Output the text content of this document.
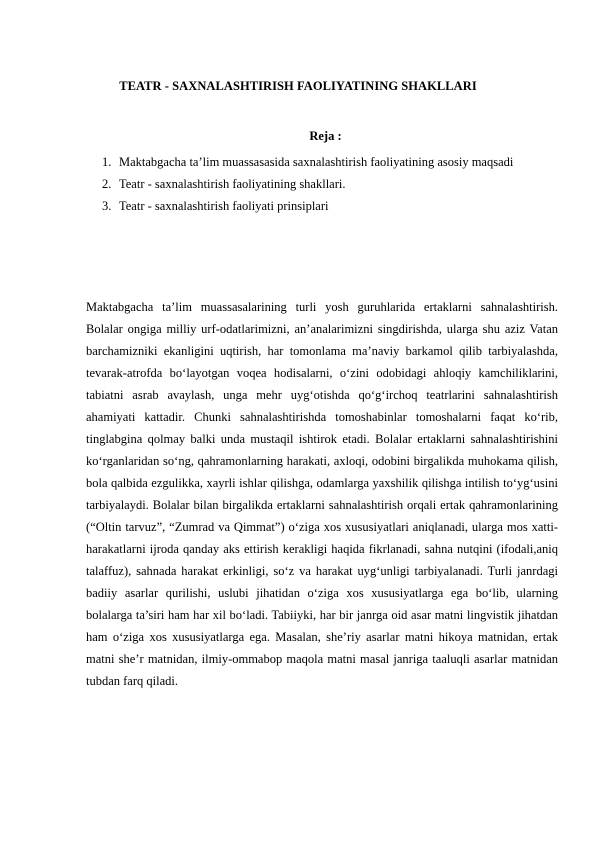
TEATR - SAXNALASHTIRISH FAOLIYATINING SHAKLLARI
Reja :
1. Maktabgacha ta’lim muassasasida saxnalashtirish faoliyatining asosiy maqsadi
2. Teatr - saxnalashtirish faoliyatining shakllari.
3. Teatr - saxnalashtirish faoliyati prinsiplari

Maktabgacha ta’lim muassasalarining turli yosh guruhlarida ertaklarni sahnalashtirish. Bolalar ongiga milliy urf-odatlarimizni, an’analarimizni singdirishda, ularga shu aziz Vatan barchamizniki ekanligini uqtirish, har tomonlama ma’naviy barkamol qilib tarbiyalashda, tevarak-atrofda bo‘layotgan voqea hodisalarni, o‘zini odobidagi ahloqiy kamchiliklarini, tabiatni asrab avaylash, unga mehr uyg‘otishda qo‘g‘irchoq teatrlarini sahnalashtirish ahamiyati kattadir. Chunki sahnalashtirishda tomoshabinlar tomoshalarni faqat ko‘rib, tinglabgina qolmay balki unda mustaqil ishtirok etadi. Bolalar ertaklarni sahnalashtirishini ko‘rganlaridan so‘ng, qahramonlarning harakati, axloqi, odobini birgalikda muhokama qilish, bola qalbida ezgulikka, xayrli ishlar qilishga, odamlarga yaxshilik qilishga intilish to‘yg‘usini tarbiyalaydi. Bolalar bilan birgalikda ertaklarni sahnalashtirish orqali ertak qahramonlarining (“Oltin tarvuz”, “Zumrad va Qimmat”) o‘ziga xos xususiyatlari aniqlanadi, ularga mos xatti-harakatlarni ijroda qanday aks ettirish kerakligi haqida fikrlanadi, sahna nutqini (ifodali,aniq talaffuz), sahnada harakat erkinligi, so‘z va harakat uyg‘unligi tarbiyalanadi. Turli janrdagi badiiy asarlar qurilishi, uslubi jihatidan o‘ziga xos xususiyatlarga ega bo‘lib, ularning bolalarga ta’siri ham har xil bo‘ladi. Tabiiyki, har bir janrga oid asar matni lingvistik jihatdan ham o‘ziga xos xususiyatlarga ega. Masalan, she’riy asarlar matni hikoya matnidan, ertak matni she’r matnidan, ilmiy-ommabop maqola matni masal janriga taaluqli asarlar matnidan tubdan farq qiladi.
